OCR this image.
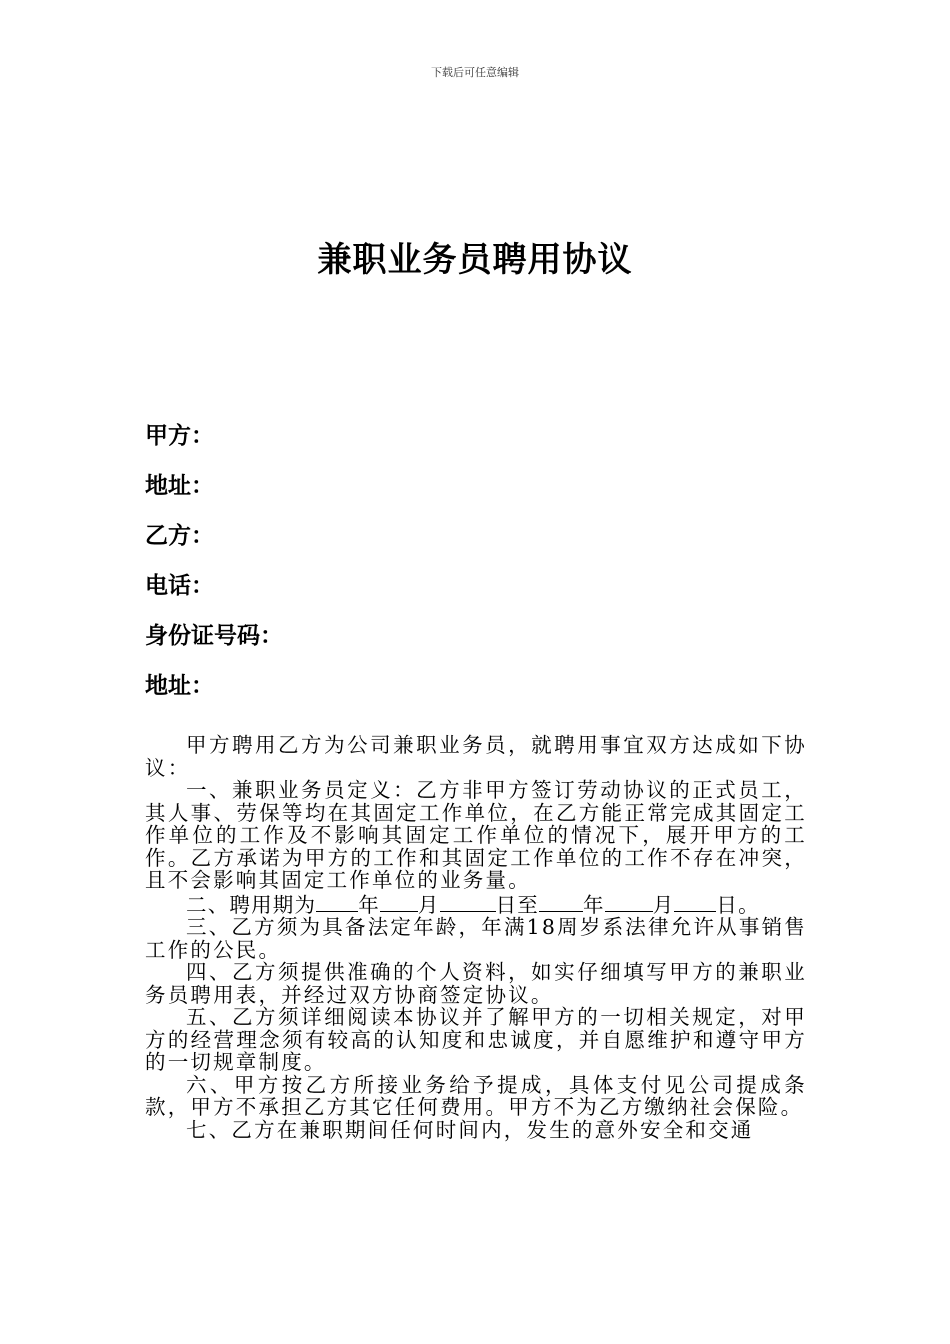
下载后可任意编辑
兼职业务员聘用协议
甲方：
地址：
乙方：
电话：
身份证号码：
地址：

甲方聘用乙方为公司兼职业务员，就聘用事宜双方达成如下协议：

一、兼职业务员定义：乙方非甲方签订劳动协议的正式员工，其人事、劳保等均在其固定工作单位，在乙方能正常完成其固定工作单位的工作及不影响其固定工作单位的情况下，展开甲方的工作。乙方承诺为甲方的工作和其固定工作单位的工作不存在冲突，且不会影响其固定工作单位的业务量。

二、聘用期为 年 月	日至 年 月 日。

三、乙方须为具备法定年龄，年满18周岁系法律允许从事销售工作的公民。

四、乙方须提供准确的个人资料，如实仔细填写甲方的兼职业务员聘用表，并经过双方协商签定协议。

五、乙方须详细阅读本协议并了解甲方的一切相关规定，对甲方的经营理念须有较高的认知度和忠诚度，并自愿维护和遵守甲方的一切规章制度。

六、甲方按乙方所接业务给予提成，具体支付见公司提成条款，甲方不承担乙方其它任何费用。甲方不为乙方缴纳社会保险。

七、乙方在兼职期间任何时间内，发生的意外安全和交通
